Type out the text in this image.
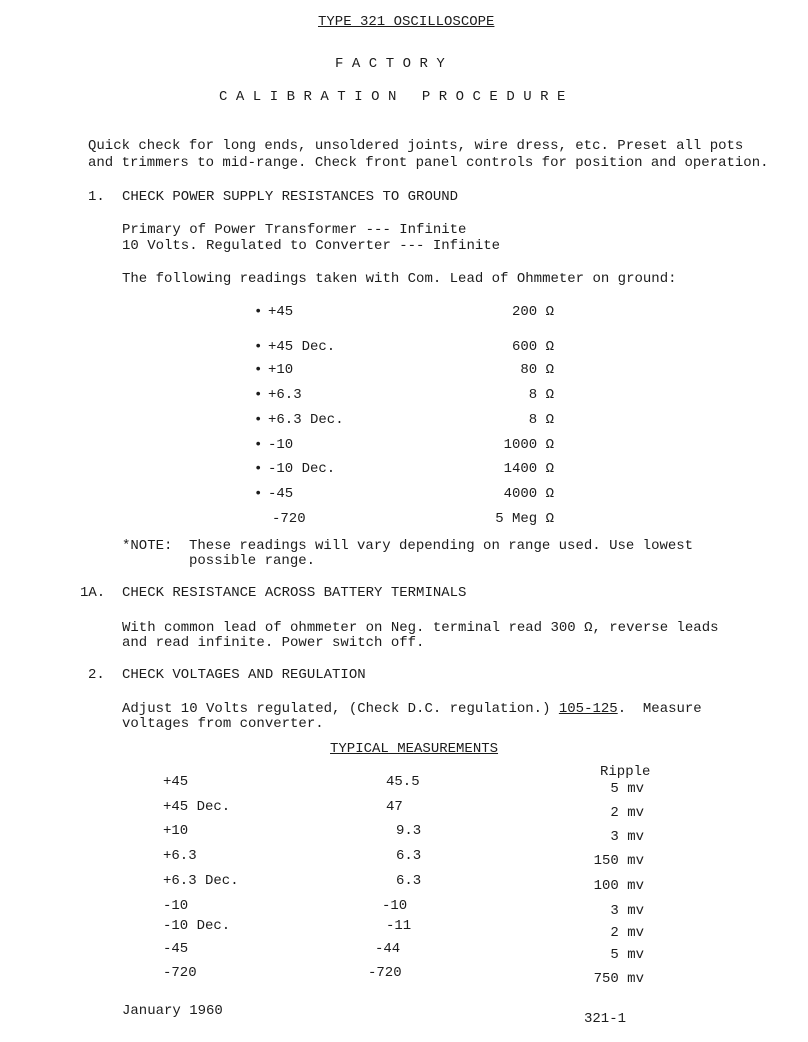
TYPE 321 OSCILLOSCOPE
FACTORY
CALIBRATION PROCEDURE
Quick check for long ends, unsoldered joints, wire dress, etc. Preset all pots
and trimmers to mid-range. Check front panel controls for position and operation.
1. CHECK POWER SUPPLY RESISTANCES TO GROUND
Primary of Power Transformer --- Infinite
10 Volts. Regulated to Converter --- Infinite
The following readings taken with Com. Lead of Ohmmeter on ground:
• +45	200 Ω
• +45 Dec.	600 Ω
• +10	80 Ω
• +6.3	8 Ω
• +6.3 Dec.	8 Ω
• -10	1000 Ω
• -10 Dec.	1400 Ω
• -45	4000 Ω
-720	5 Meg Ω
*NOTE: These readings will vary depending on range used. Use lowest
possible range.
1A. CHECK RESISTANCE ACROSS BATTERY TERMINALS
With common lead of ohmmeter on Neg. terminal read 300 Ω, reverse leads
and read infinite. Power switch off.
2. CHECK VOLTAGES AND REGULATION
Adjust 10 Volts regulated, (Check D.C. regulation.) 105-125.  Measure
voltages from converter.
TYPICAL MEASUREMENTS
Ripple
+45	45.5	5 mv
+45 Dec.	47	2 mv
+10	9.3	3 mv
+6.3	6.3	150 mv
+6.3 Dec.	6.3	100 mv
-10	-10	3 mv
-10 Dec.	-11	2 mv
-45	-44	5 mv
-720	-720	750 mv
January 1960	321-1
